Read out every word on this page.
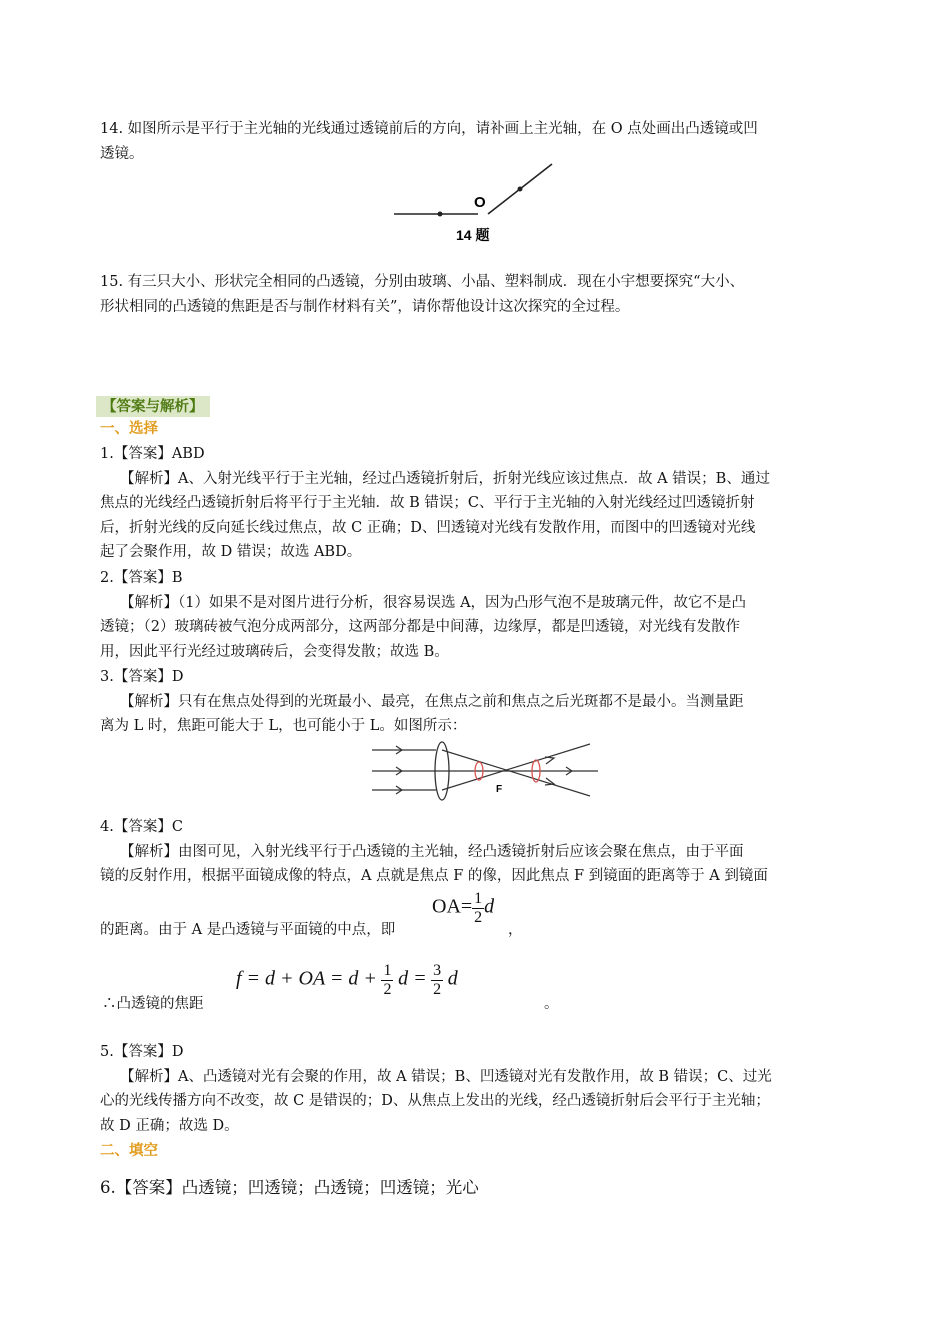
14. 如图所示是平行于主光轴的光线通过透镜前后的方向，请补画上主光轴，在 O 点处画出凸透镜或凹

透镜。

O
14 题

15. 有三只大小、形状完全相同的凸透镜，分别由玻璃、小晶、塑料制成．现在小宇想要探究“大小、

形状相同的凸透镜的焦距是否与制作材料有关”，请你帮他设计这次探究的全过程。

【答案与解析】
一、选择

1.【答案】ABD

【解析】A、入射光线平行于主光轴，经过凸透镜折射后，折射光线应该过焦点．故 A 错误；B、通过

焦点的光线经凸透镜折射后将平行于主光轴．故 B 错误；C、平行于主光轴的入射光线经过凹透镜折射

后，折射光线的反向延长线过焦点，故 C 正确；D、凹透镜对光线有发散作用，而图中的凹透镜对光线

起了会聚作用，故 D 错误；故选 ABD。

2.【答案】B

【解析】（1）如果不是对图片进行分析，很容易误选 A，因为凸形气泡不是玻璃元件，故它不是凸

透镜；（2）玻璃砖被气泡分成两部分，这两部分都是中间薄，边缘厚，都是凹透镜，对光线有发散作

用，因此平行光经过玻璃砖后，会变得发散；故选 B。

3.【答案】D

【解析】只有在焦点处得到的光斑最小、最亮，在焦点之前和焦点之后光斑都不是最小。当测量距

离为 L 时，焦距可能大于 L，也可能小于 L。如图所示：

F

4.【答案】C

【解析】由图可见，入射光线平行于凸透镜的主光轴，经凸透镜折射后应该会聚在焦点，由于平面

镜的反射作用，根据平面镜成像的特点，A 点就是焦点 F 的像，因此焦点 F 到镜面的距离等于 A 到镜面

的距离。由于 A 是凸透镜与平面镜的中点，即
$OA= \frac{1}{2}$ d
，
∴凸透镜的焦距
f = d + OA = $d + \frac{1}{2}$ $d = \frac{3}{2}$ d
。

5.【答案】D

【解析】A、凸透镜对光有会聚的作用，故 A 错误；B、凹透镜对光有发散作用，故 B 错误；C、过光

心的光线传播方向不改变，故 C 是错误的；D、从焦点上发出的光线，经凸透镜折射后会平行于主光轴；

故 D 正确；故选 D。

二、填空

6.【答案】凸透镜；凹透镜；凸透镜；凹透镜；光心
